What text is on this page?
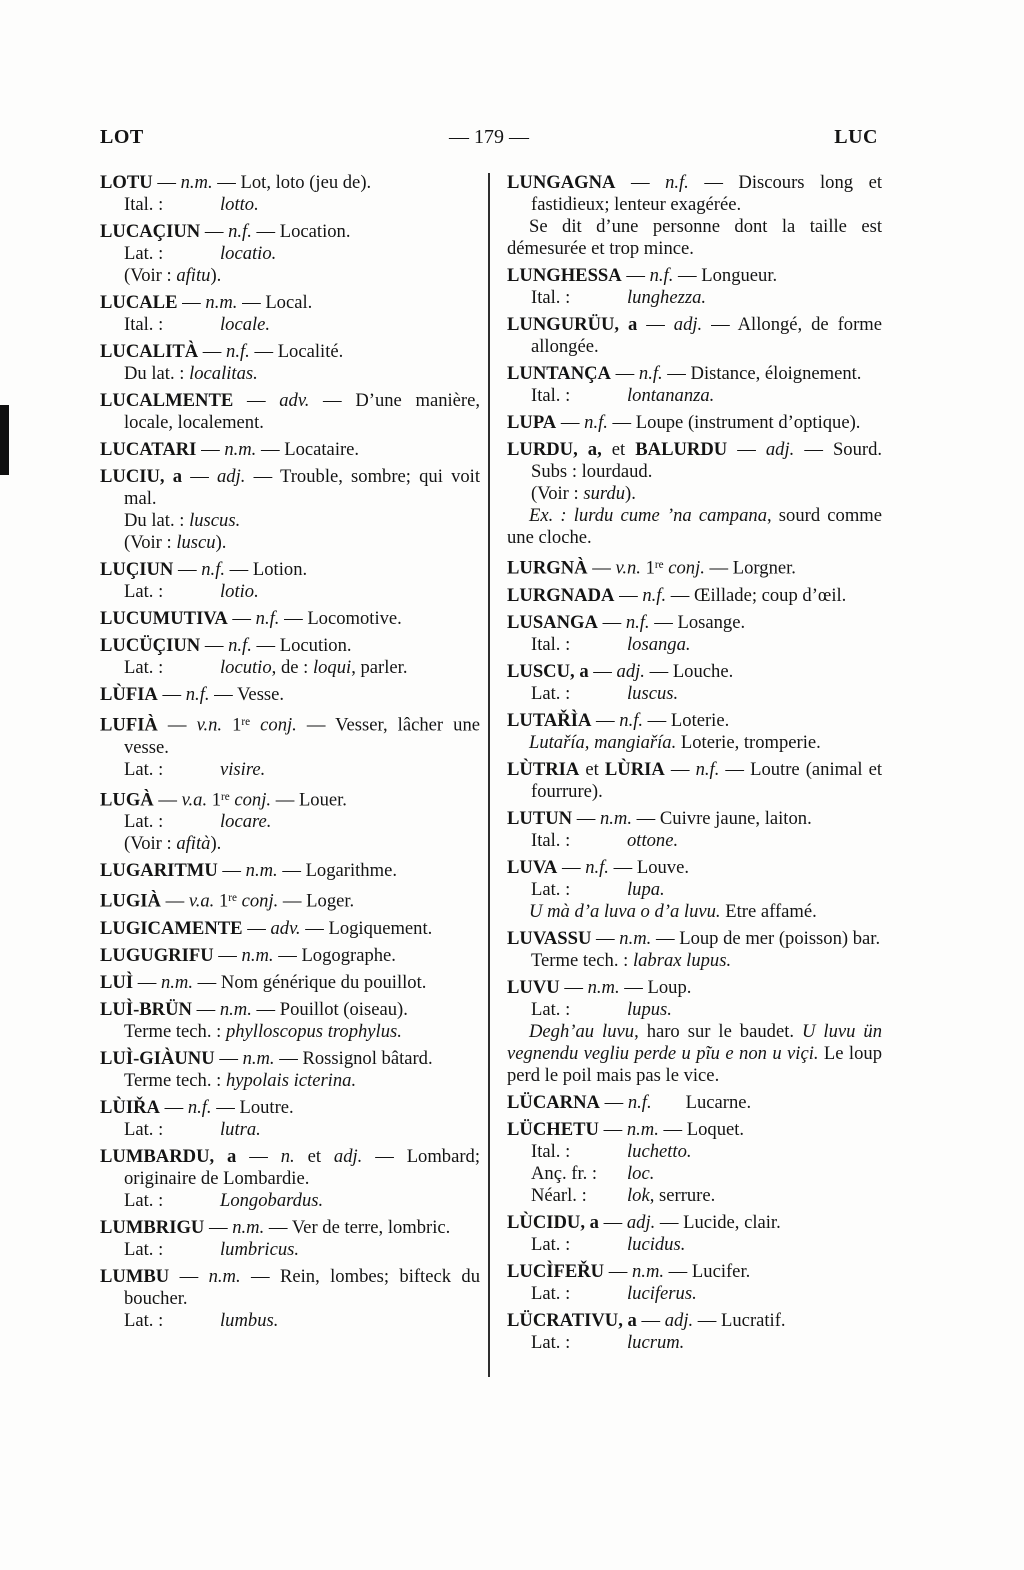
LOT	— 179 —	LUC

LOTU — n.m. — Lot, loto (jeu de).

Ital. :	lotto.

LUCAÇIUN — n.f. — Location.

Lat. :	locatio.

(Voir : afitu).

LUCALE — n.m. — Local.

Ital. :	locale.

LUCALITÀ — n.f. — Localité.

Du lat. : localitas.

LUCALMENTE — adv. — D’une manière, locale, localement.

LUCATARI — n.m. — Locataire.

LUCIU, a — adj. — Trouble, sombre; qui voit mal.

Du lat. : luscus.

(Voir : luscu).

LUÇIUN — n.f. — Lotion.

Lat. :	lotio.

LUCUMUTIVA — n.f. — Locomotive.

LUCÜÇIUN — n.f. — Locution.

Lat. :	locutio, de : loqui, parler.

LÙFIA — n.f. — Vesse.

LUFIÀ — v.n. 1re conj. — Vesser, lâcher une vesse.

Lat. :	visire.

LUGÀ — v.a. 1re conj. — Louer.

Lat. :	locare.

(Voir : afità).

LUGARITMU — n.m. — Logarithme.

LUGIÀ — v.a. 1re conj. — Loger.

LUGICAMENTE — adv. — Logiquement.

LUGUGRIFU — n.m. — Logographe.

LUÌ — n.m. — Nom générique du pouillot.

LUÌ-BRÜN — n.m. — Pouillot (oiseau).

Terme tech. : phylloscopus trophylus.

LUÌ-GIÀUNU — n.m. — Rossignol bâtard.

Terme tech. : hypolais icterina.

LÙIŘA — n.f. — Loutre.

Lat. :	lutra.

LUMBARDU, a — n. et adj. — Lombard; originaire de Lombardie.

Lat. :	Longobardus.

LUMBRIGU — n.m. — Ver de terre, lombric.

Lat. :	lumbricus.

LUMBU — n.m. — Rein, lombes; bifteck du boucher.

Lat. :	lumbus.

LUNGAGNA — n.f. — Discours long et fastidieux; lenteur exagérée.

Se dit d’une personne dont la taille est démesurée et trop mince.

LUNGHESSA — n.f. — Longueur.

Ital. :	lunghezza.

LUNGURÜU, a — adj. — Allongé, de forme allongée.

LUNTANÇA — n.f. — Distance, éloignement.

Ital. :	lontananza.

LUPA — n.f. — Loupe (instrument d’optique).

LURDU, a, et BALURDU — adj. — Sourd. Subs : lourdaud.

(Voir : surdu).

Ex. : lurdu cume ’na campana, sourd comme une cloche.

LURGNÀ — v.n. 1re conj. — Lorgner.

LURGNADA — n.f. — Œillade; coup d’œil.

LUSANGA — n.f. — Losange.

Ital. :	losanga.

LUSCU, a — adj. — Louche.

Lat. :	luscus.

LUTAŘÌA — n.f. — Loterie.

Lutařía, mangiařía. Loterie, tromperie.

LÙTRIA et LÙRIA — n.f. — Loutre (animal et fourrure).

LUTUN — n.m. — Cuivre jaune, laiton.

Ital. :	ottone.

LUVA — n.f. — Louve.

Lat. :	lupa.

U mà d’a luva o d’a luvu. Etre affamé.

LUVASSU — n.m. — Loup de mer (poisson) bar.

Terme tech. : labrax lupus.

LUVU — n.m. — Loup.

Lat. :	lupus.

Degh’au luvu, haro sur le baudet. U luvu ün vegnendu vegliu perde u pĩu e non u viçi. Le loup perd le poil mais pas le vice.

LÜCARNA — n.f. Lucarne.

LÜCHETU — n.m. — Loquet.

Ital. :	luchetto.

Anç. fr. : loc.

Néarl. : lok, serrure.

LÙCIDU, a — adj. — Lucide, clair.

Lat. :	lucidus.

LUCÌFEŘU — n.m. — Lucifer.

Lat. :	luciferus.

LÜCRATIVU, a — adj. — Lucratif.

Lat. :	lucrum.
